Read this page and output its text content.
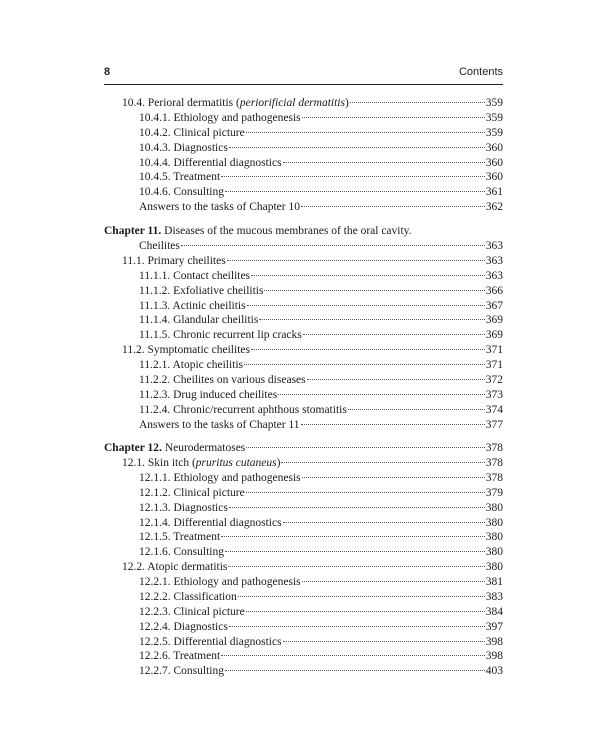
8	Contents
10.4. Perioral dermatitis (periorificial dermatitis)	359
10.4.1. Ethiology and pathogenesis	359
10.4.2. Clinical picture	359
10.4.3. Diagnostics	360
10.4.4. Differential diagnostics	360
10.4.5. Treatment	360
10.4.6. Consulting	361
Answers to the tasks of Chapter 10	362
Chapter 11. Diseases of the mucous membranes of the oral cavity.
Cheilites	363
11.1. Primary cheilites	363
11.1.1. Contact cheilites	363
11.1.2. Exfoliative cheilitis	366
11.1.3. Actinic cheilitis	367
11.1.4. Glandular cheilitis	369
11.1.5. Chronic recurrent lip cracks	369
11.2. Symptomatic cheilites	371
11.2.1. Atopic cheilitis	371
11.2.2. Cheilites on various diseases	372
11.2.3. Drug induced cheilites	373
11.2.4. Chronic/recurrent aphthous stomatitis	374
Answers to the tasks of Chapter 11	377
Chapter 12. Neurodermatoses	378
12.1. Skin itch (pruritus cutaneus)	378
12.1.1. Ethiology and pathogenesis	378
12.1.2. Clinical picture	379
12.1.3. Diagnostics	380
12.1.4. Differential diagnostics	380
12.1.5. Treatment	380
12.1.6. Consulting	380
12.2. Atopic dermatitis	380
12.2.1. Ethiology and pathogenesis	381
12.2.2. Classification	383
12.2.3. Clinical picture	384
12.2.4. Diagnostics	397
12.2.5. Differential diagnostics	398
12.2.6. Treatment	398
12.2.7. Consulting	403
